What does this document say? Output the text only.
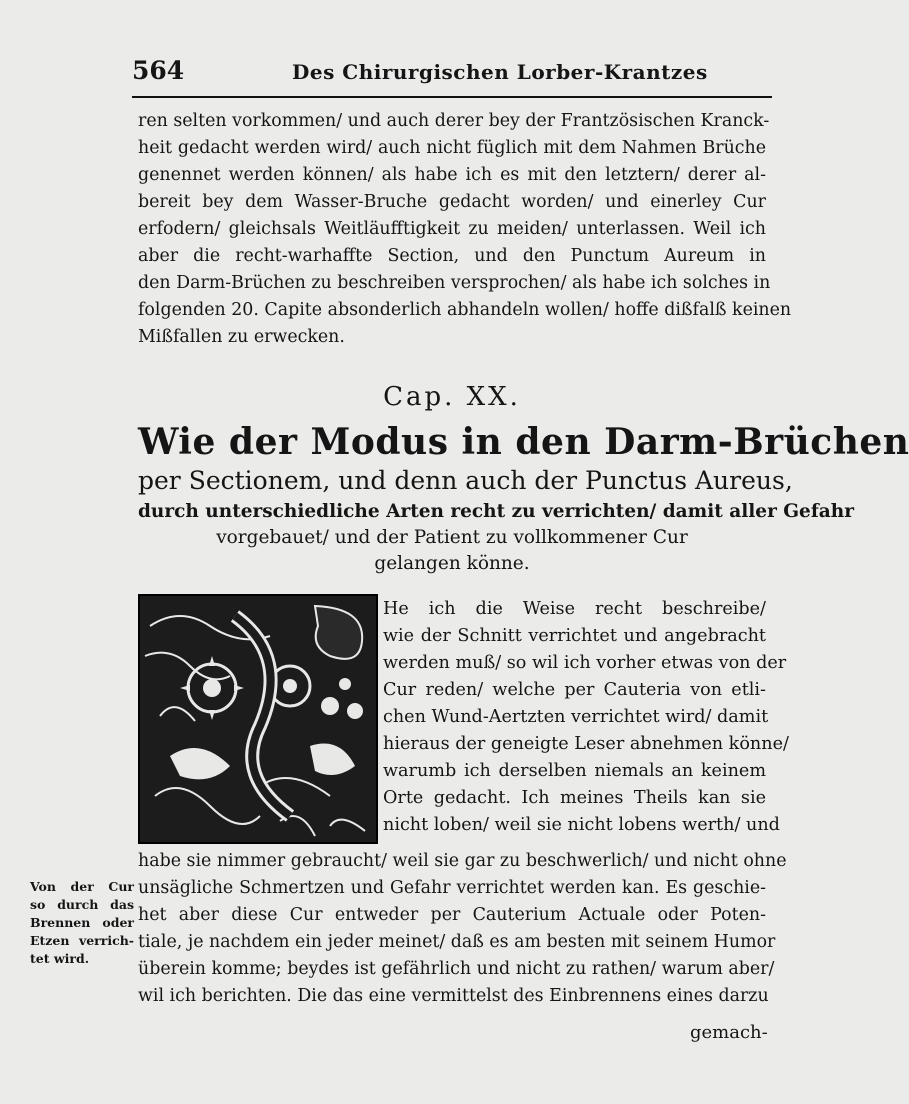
564	Des Chirurgischen Lorber-Krantzes
ren selten vorkommen/ und auch derer bey der Frantzösischen Kranck-
heit gedacht werden wird/ auch nicht füglich mit dem Nahmen Brüche
genennet werden können/ als habe ich es mit den letztern/ derer al-
bereit bey dem Wasser-Bruche gedacht worden/ und einerley Cur
erfodern/ gleichsals Weitläufftigkeit zu meiden/ unterlassen. Weil ich
aber die recht-warhaffte Section, und den Punctum Aureum in
den Darm-Brüchen zu beschreiben versprochen/ als habe ich solches in
folgenden 20. Capite absonderlich abhandeln wollen/ hoffe dißfalß keinen
Mißfallen zu erwecken.
Cap. XX.
Wie der Modus in den Darm-Brüchen
per Sectionem, und denn auch der Punctus Aureus,
durch unterschiedliche Arten recht zu verrichten/ damit aller Gefahr
vorgebauet/ und der Patient zu vollkommener Cur
gelangen könne.
He ich die Weise recht beschreibe/
wie der Schnitt verrichtet und angebracht
werden muß/ so wil ich vorher etwas von der
Cur reden/ welche per Cauteria von etli-
chen Wund-Aertzten verrichtet wird/ damit
hieraus der geneigte Leser abnehmen könne/
warumb ich derselben niemals an keinem
Orte gedacht. Ich meines Theils kan sie
nicht loben/ weil sie nicht lobens werth/ und
habe sie nimmer gebraucht/ weil sie gar zu beschwerlich/ und nicht ohne
unsägliche Schmertzen und Gefahr verrichtet werden kan. Es geschie-
het aber diese Cur entweder per Cauterium Actuale oder Poten-
tiale, je nachdem ein jeder meinet/ daß es am besten mit seinem Humor
überein komme; beydes ist gefährlich und nicht zu rathen/ warum aber/
wil ich berichten. Die das eine vermittelst des Einbrennens eines darzu
Von der Cur
so durch das
Brennen oder
Etzen verrich-
tet wird.
gemach-
